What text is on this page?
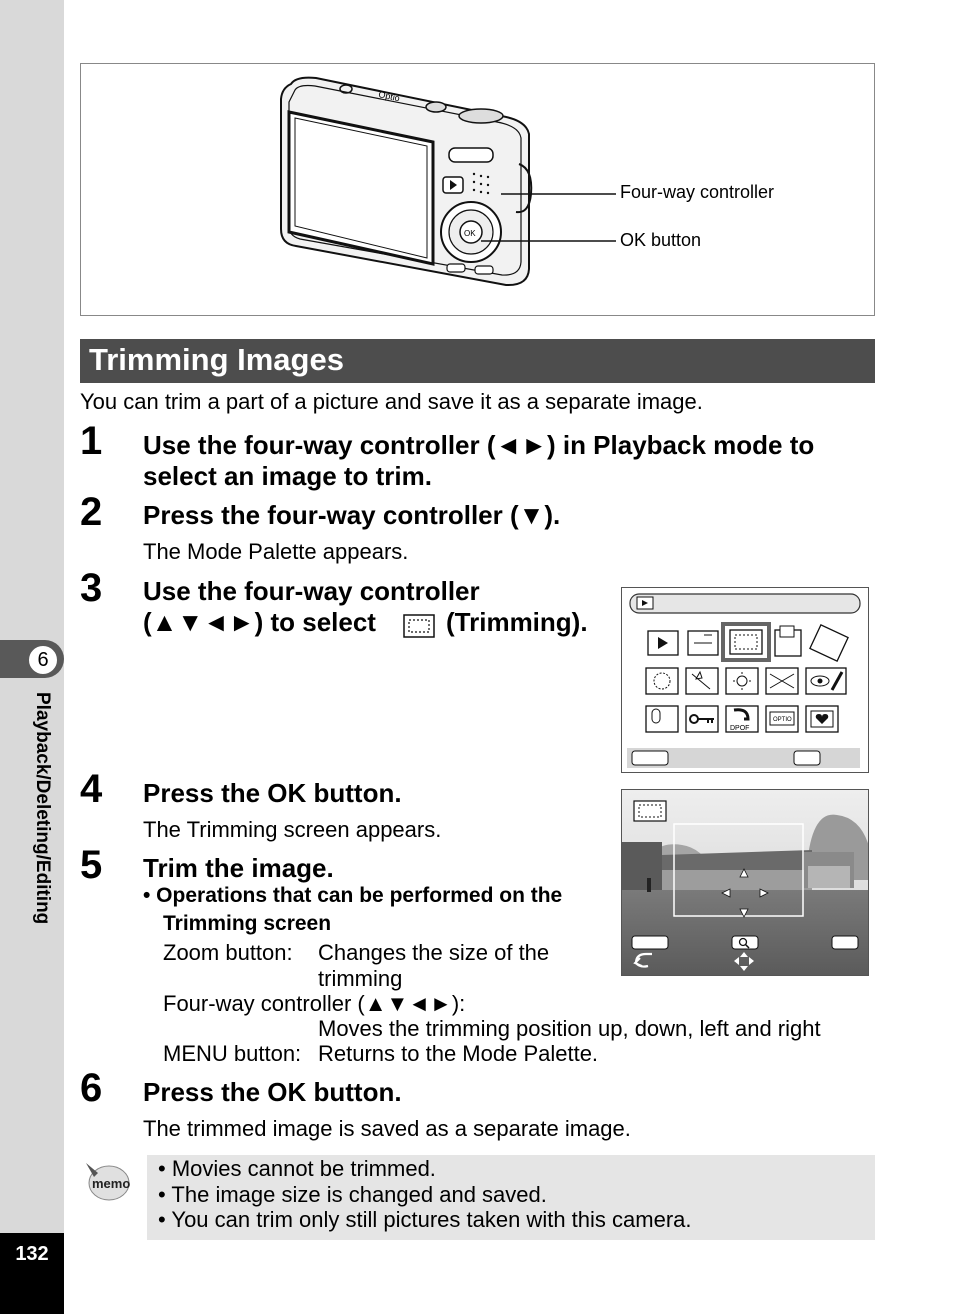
6
Playback/Deleting/Editing
132
Optio
OK
Four-way controller
OK button
Trimming Images
You can trim a part of a picture and save it as a separate image.
1 Use the four-way controller (◄►) in Playback mode to
select an image to trim.
2 Press the four-way controller (▼).
The Mode Palette appears.
3 Use the four-way controller
(▲▼◄►) to select	(Trimming).
4 Press the OK button.
The Trimming screen appears.
5 Trim the image.
• Operations that can be performed on the
Trimming screen
Zoom button: Changes the size of the
trimming
Four-way controller (▲▼◄►):
Moves the trimming position up, down, left and right
MENU button: Returns to the Mode Palette.
6 Press the OK button.
The trimmed image is saved as a separate image.
DPOF
OPTIO
memo
• Movies cannot be trimmed.
• The image size is changed and saved.
• You can trim only still pictures taken with this camera.
